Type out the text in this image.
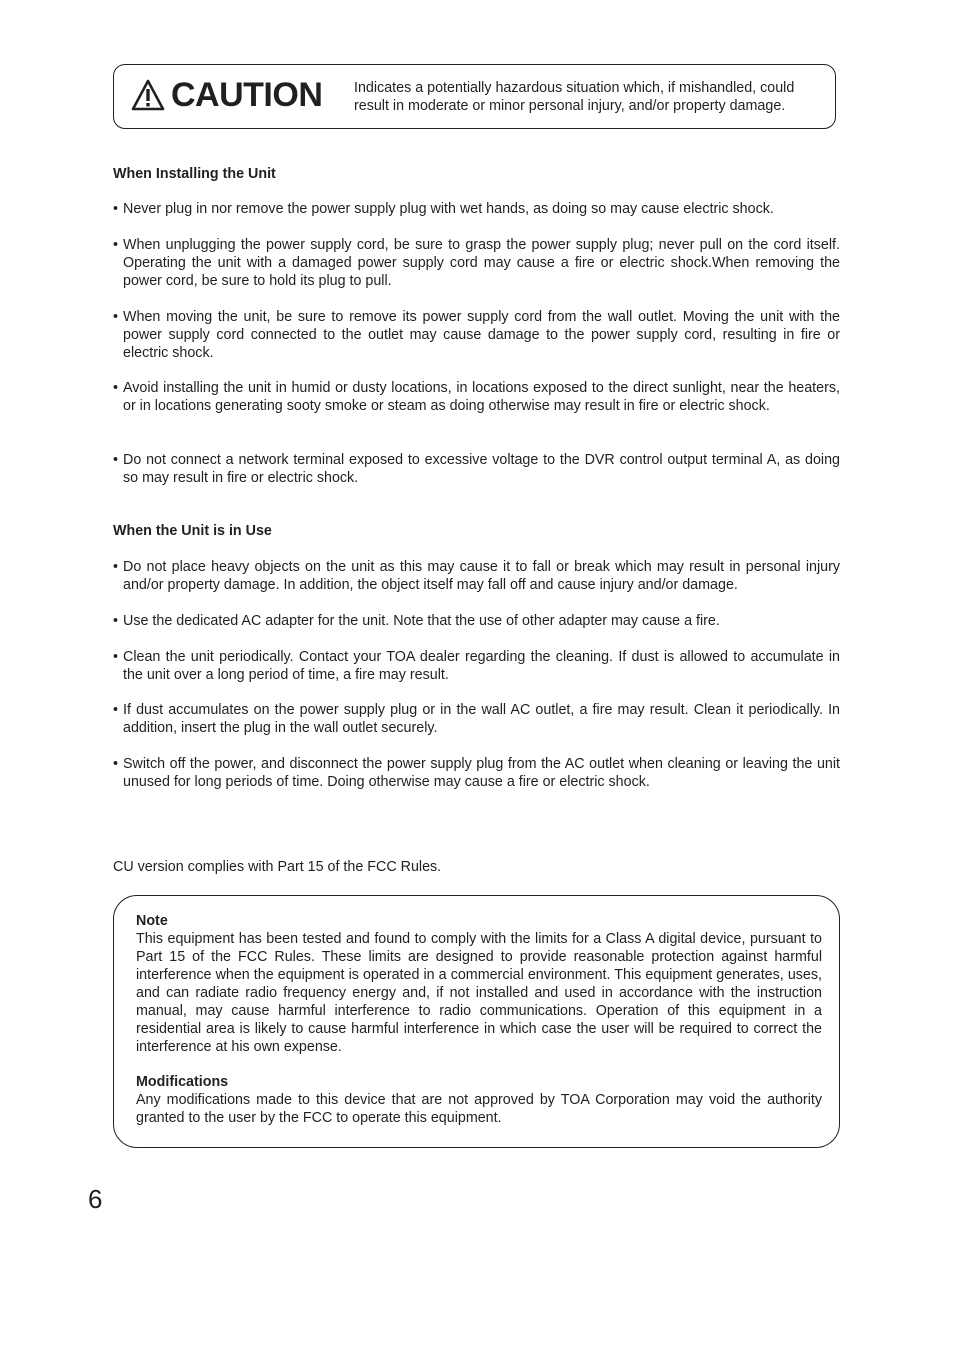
CAUTION Indicates a potentially hazardous situation which, if mishandled, could result in moderate or minor personal injury, and/or property damage.
When Installing the Unit
• Never plug in nor remove the power supply plug with wet hands, as doing so may cause electric shock.
• When unplugging the power supply cord, be sure to grasp the power supply plug; never pull on the cord itself. Operating the unit with a damaged power supply cord may cause a fire or electric shock.When removing the power cord, be sure to hold its plug to pull.
• When moving the unit, be sure to remove its power supply cord from the wall outlet. Moving the unit with the power supply cord connected to the outlet may cause damage to the power supply cord, resulting in fire or electric shock.
• Avoid installing the unit in humid or dusty locations, in locations exposed to the direct sunlight, near the heaters, or in locations generating sooty smoke or steam as doing otherwise may result in fire or electric shock.
• Do not connect a network terminal exposed to excessive voltage to the DVR control output terminal A, as doing so may result in fire or electric shock.
When the Unit is in Use
• Do not place heavy objects on the unit as this may cause it to fall or break which may result in personal injury and/or property damage. In addition, the object itself may fall off and cause injury and/or damage.
• Use the dedicated AC adapter for the unit. Note that the use of other adapter may cause a fire.
• Clean the unit periodically. Contact your TOA dealer regarding the cleaning. If dust is allowed to accumulate in the unit over a long period of time, a fire may result.
• If dust accumulates on the power supply plug or in the wall AC outlet, a fire may result. Clean it periodically. In addition, insert the plug in the wall outlet securely.
• Switch off the power, and disconnect the power supply plug from the AC outlet when cleaning or leaving the unit unused for long periods of time. Doing otherwise may cause a fire or electric shock.
CU version complies with Part 15 of the FCC Rules.
Note
This equipment has been tested and found to comply with the limits for a Class A digital device, pursuant to Part 15 of the FCC Rules. These limits are designed to provide reasonable protection against harmful interference when the equipment is operated in a commercial environment. This equipment generates, uses, and can radiate radio frequency energy and, if not installed and used in accordance with the instruction manual, may cause harmful interference to radio communications. Operation of this equipment in a residential area is likely to cause harmful interference in which case the user will be required to correct the interference at his own expense.
Modifications
Any modifications made to this device that are not approved by TOA Corporation may void the authority granted to the user by the FCC to operate this equipment.
6
